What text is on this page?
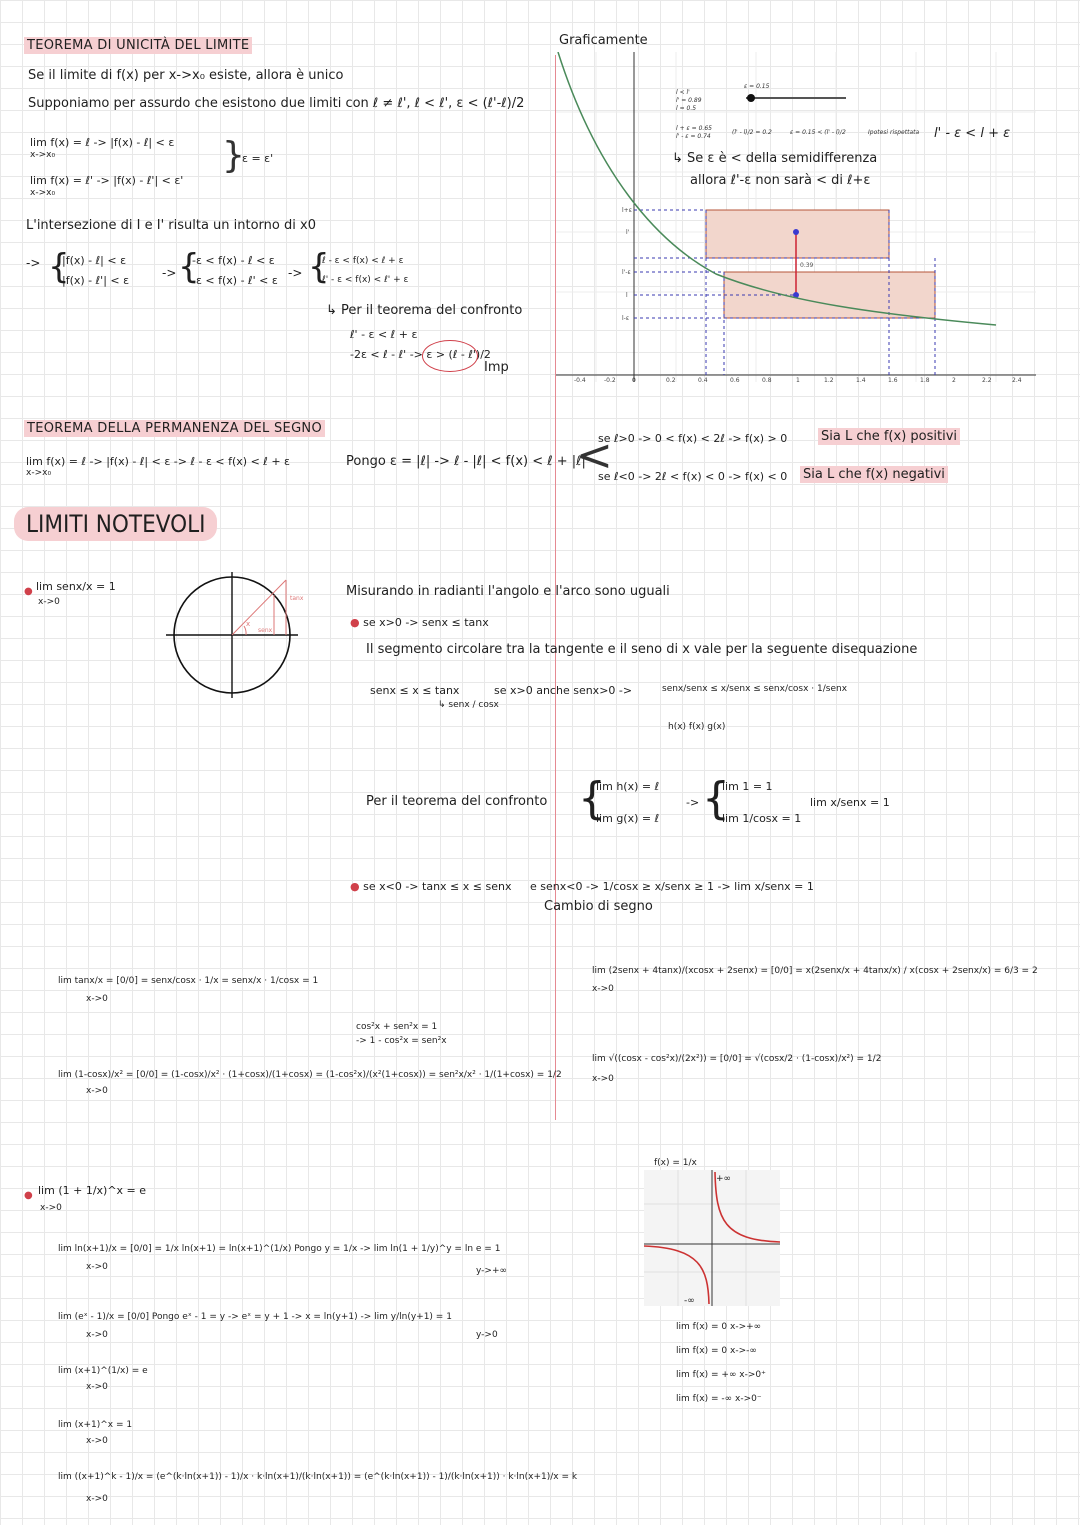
TEOREMA DI UNICITÀ DEL LIMITE
Se il limite di f(x) per x->x₀ esiste, allora è unico
Supponiamo per assurdo che esistono due limiti con ℓ ≠ ℓ', ℓ < ℓ', ε < (ℓ'-ℓ)/2
lim f(x) = ℓ -> |f(x) - ℓ| < ε
x->x₀
lim f(x) = ℓ' -> |f(x) - ℓ'| < ε'
x->x₀
}
ε = ε'
L'intersezione di I e I' risulta un intorno di x0
-> {
|f(x) - ℓ| < ε
|f(x) - ℓ'| < ε
-> {
-ε < f(x) - ℓ < ε
-ε < f(x) - ℓ' < ε
-> {
ℓ - ε < f(x) < ℓ + ε
ℓ' - ε < f(x) < ℓ' + ε
↳ Per il teorema del confronto
ℓ' - ε < ℓ + ε
-2ε < ℓ - ℓ' -> ε > (ℓ - ℓ')/2
Imp
Graficamente
0.39
l+ε
l'
l'-ε
l
l-ε
-0.4	-0.2	0	0.2	0.4	0.6	0.8	1	1.2	1.4	1.6	1.8	2	2.2	2.4
l < l'
l' = 0.89
l = 0.5
l + ε = 0.65
l' - ε = 0.74
ε = 0.15
(l' - l)/2 = 0.2	ε = 0.15 < (l' - l)/2	Ipotesi rispettata l' - ε < l + ε
↳ Se ε è < della semidifferenza
allora ℓ'-ε non sarà < di ℓ+ε
TEOREMA DELLA PERMANENZA DEL SEGNO
lim f(x) = ℓ -> |f(x) - ℓ| < ε -> ℓ - ε < f(x) < ℓ + ε
x->x₀
Pongo ε = |ℓ| -> ℓ - |ℓ| < f(x) < ℓ + |ℓ|
<
se ℓ>0 -> 0 < f(x) < 2ℓ -> f(x) > 0	Sia L che f(x) positivi
se ℓ<0 -> 2ℓ < f(x) < 0 -> f(x) < 0 Sia L che f(x) negativi
LIMITI NOTEVOLI
● lim senx/x = 1
x->0	tanx
senx
x
Misurando in radianti l'angolo e l'arco sono uguali
● se x>0 -> senx ≤ tanx
Il segmento circolare tra la tangente e il seno di x vale per la seguente disequazione
senx ≤ x ≤ tanx
↳ senx / cosx
se x>0 anche senx>0 ->	senx/senx ≤ x/senx ≤ senx/cosx · 1/senx
h(x) f(x) g(x)
Per il teorema del confronto {
lim h(x) = ℓ
lim g(x) = ℓ
-> {
lim 1 = 1
lim 1/cosx = 1
lim x/senx = 1
● se x<0 -> tanx ≤ x ≤ senx e senx<0 -> 1/cosx ≥ x/senx ≥ 1 -> lim x/senx = 1
Cambio di segno
lim tanx/x = [0/0] = senx/cosx · 1/x = senx/x · 1/cosx = 1
x->0
cos²x + sen²x = 1
-> 1 - cos²x = sen²x
lim (1-cosx)/x² = [0/0] = (1-cosx)/x² · (1+cosx)/(1+cosx) = (1-cos²x)/(x²(1+cosx)) = sen²x/x² · 1/(1+cosx) = 1/2
x->0
lim (2senx + 4tanx)/(xcosx + 2senx) = [0/0] = x(2senx/x + 4tanx/x) / x(cosx + 2senx/x) = 6/3 = 2
x->0
lim √((cosx - cos²x)/(2x²)) = [0/0] = √(cosx/2 · (1-cosx)/x²) = 1/2
x->0
● lim (1 + 1/x)^x = e
x->0
lim ln(x+1)/x = [0/0] = 1/x ln(x+1) = ln(x+1)^(1/x) Pongo y = 1/x -> lim ln(1 + 1/y)^y = ln e = 1
x->0	y->+∞
lim (eˣ - 1)/x = [0/0] Pongo eˣ - 1 = y -> eˣ = y + 1 -> x = ln(y+1) -> lim y/ln(y+1) = 1
x->0	y->0
lim (x+1)^(1/x) = e
x->0
lim (x+1)^x = 1
x->0
lim ((x+1)^k - 1)/x = (e^(k·ln(x+1)) - 1)/x · k·ln(x+1)/(k·ln(x+1)) = (e^(k·ln(x+1)) - 1)/(k·ln(x+1)) · k·ln(x+1)/x = k
x->0
f(x) = 1/x
+∞
-∞
lim f(x) = 0 x->+∞
lim f(x) = 0 x->-∞
lim f(x) = +∞ x->0⁺
lim f(x) = -∞ x->0⁻
